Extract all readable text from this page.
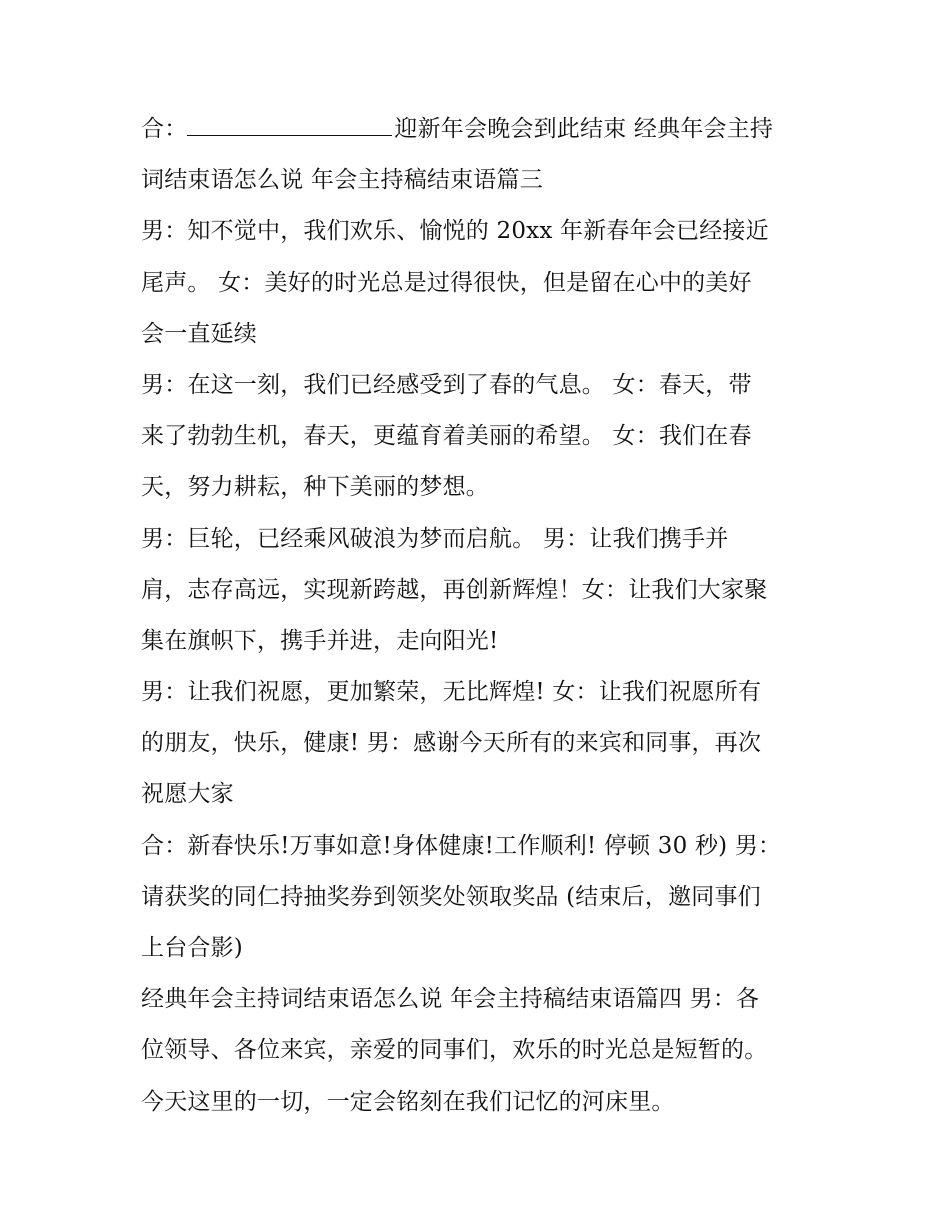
合：	迎新年会晚会到此结束 经典年会主持
词结束语怎么说 年会主持稿结束语篇三
男：知不觉中，我们欢乐、愉悦的 20xx 年新春年会已经接近
尾声。 女：美好的时光总是过得很快，但是留在心中的美好
会一直延续
男：在这一刻，我们已经感受到了春的气息。 女：春天，带
来了勃勃生机，春天，更蕴育着美丽的希望。 女：我们在春
天，努力耕耘，种下美丽的梦想。
男：巨轮，已经乘风破浪为梦而启航。 男：让我们携手并
肩，志存高远，实现新跨越，再创新辉煌！女：让我们大家聚
集在旗帜下，携手并进，走向阳光!
男：让我们祝愿，更加繁荣，无比辉煌! 女：让我们祝愿所有
的朋友，快乐，健康! 男：感谢今天所有的来宾和同事，再次
祝愿大家
合：新春快乐!万事如意!身体健康!工作顺利! 停顿 30 秒) 男：
请获奖的同仁持抽奖券到领奖处领取奖品 (结束后，邀同事们
上台合影)
经典年会主持词结束语怎么说 年会主持稿结束语篇四 男：各
位领导、各位来宾，亲爱的同事们，欢乐的时光总是短暂的。
今天这里的一切，一定会铭刻在我们记忆的河床里。
